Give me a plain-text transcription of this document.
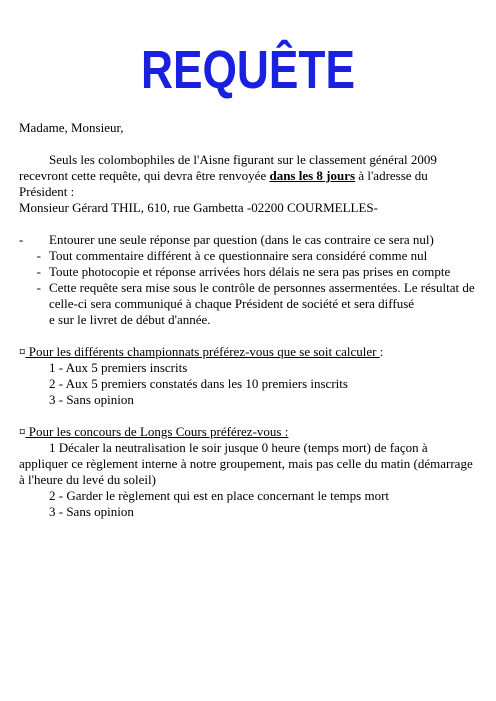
REQUÊTE

Madame, Monsieur,

Seuls les colombophiles de l'Aisne figurant sur le classement général 2009 recevront cette requête, qui devra être renvoyée dans les 8 jours à l'adresse du Président :

Monsieur Gérard THIL, 610, rue Gambetta -02200 COURMELLES-

-	Entourer une seule réponse par question (dans le cas contraire ce sera nul)
- Tout commentaire différent à ce questionnaire sera considéré comme nul
- Toute photocopie et réponse arrivées hors délais ne sera pas prises en compte
- Cette requête sera mise sous le contrôle de personnes assermentées. Le résultat de celle-ci sera communiqué à chaque Président de société et sera diffusé
e sur le livret de début d'année.

¤ Pour les différents championnats préférez-vous que se soit calculer :

1 - Aux 5 premiers inscrits

2 - Aux 5 premiers constatés dans les 10 premiers inscrits

3 - Sans opinion

¤ Pour les concours de Longs Cours préférez-vous :

1 Décaler la neutralisation le soir jusque 0 heure (temps mort) de façon à appliquer ce règlement interne à notre groupement, mais pas celle du matin (démarrage à l'heure du levé du soleil)

2 - Garder le règlement qui est en place concernant le temps mort

3 - Sans opinion
